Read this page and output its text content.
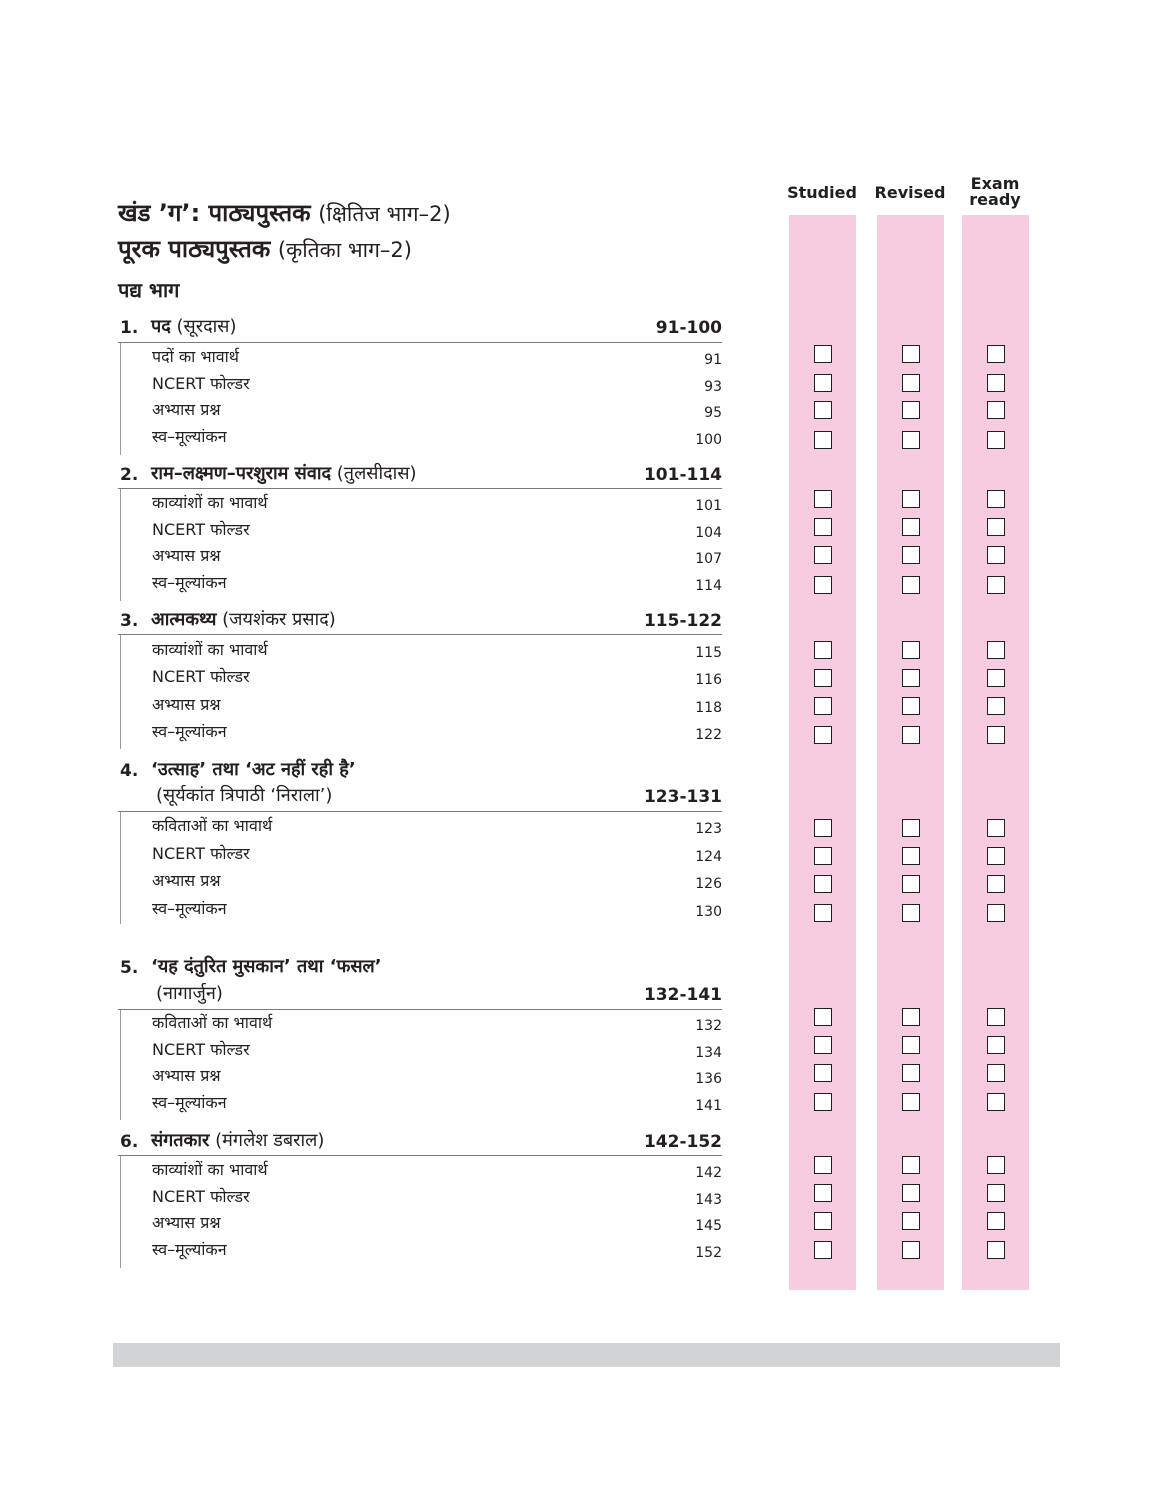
खंड ’ग’: पाठ्यपुस्तक (क्षितिज भाग–2)
पूरक पाठ्यपुस्तक (कृतिका भाग–2)
पद्य भाग
Studied	Revised	Exam
ready
1. पद (सूरदास)	91-100
पदों का भावार्थ	91
NCERT फोल्डर	93
अभ्यास प्रश्न	95
स्व–मूल्यांकन	100
2. राम–लक्ष्मण–परशुराम संवाद (तुलसीदास)	101-114
काव्यांशों का भावार्थ	101
NCERT फोल्डर	104
अभ्यास प्रश्न	107
स्व–मूल्यांकन	114
3. आत्मकथ्य (जयशंकर प्रसाद)	115-122
काव्यांशों का भावार्थ	115
NCERT फोल्डर	116
अभ्यास प्रश्न	118
स्व–मूल्यांकन	122
4. ‘उत्साह’ तथा ‘अट नहीं रही है’
(सूर्यकांत त्रिपाठी ‘निराला’)	123-131
कविताओं का भावार्थ	123
NCERT फोल्डर	124
अभ्यास प्रश्न	126
स्व–मूल्यांकन	130
5. ‘यह दंतुरित मुसकान’ तथा ‘फसल’
(नागार्जुन)	132-141
कविताओं का भावार्थ	132
NCERT फोल्डर	134
अभ्यास प्रश्न	136
स्व–मूल्यांकन	141
6. संगतकार (मंगलेश डबराल)	142-152
काव्यांशों का भावार्थ	142
NCERT फोल्डर	143
अभ्यास प्रश्न	145
स्व–मूल्यांकन	152
